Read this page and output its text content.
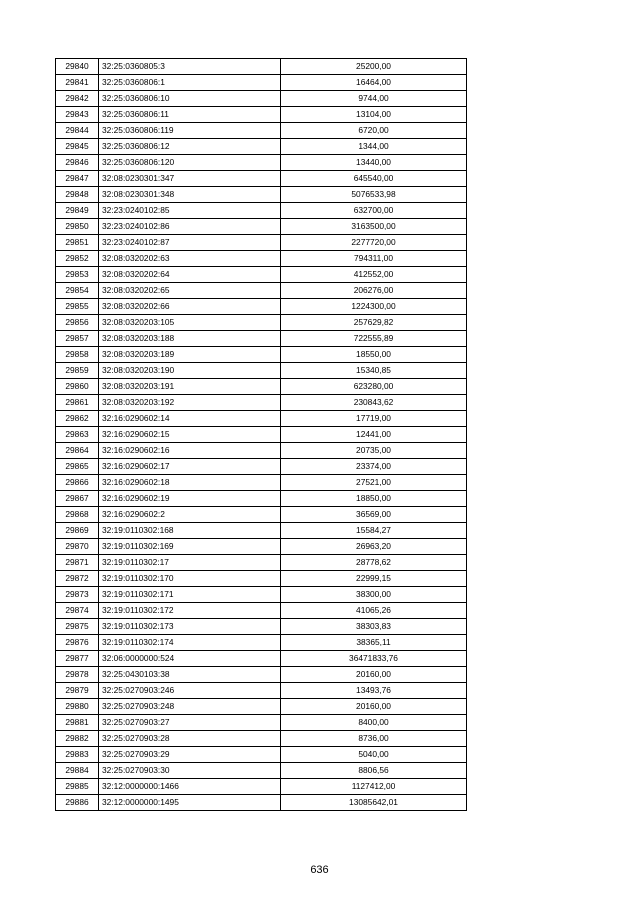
29840	32:25:0360805:3	25200,00
29841	32:25:0360806:1	16464,00
29842	32:25:0360806:10	9744,00
29843	32:25:0360806:11	13104,00
29844	32:25:0360806:119	6720,00
29845	32:25:0360806:12	1344,00
29846	32:25:0360806:120	13440,00
29847	32:08:0230301:347	645540,00
29848	32:08:0230301:348	5076533,98
29849	32:23:0240102:85	632700,00
29850	32:23:0240102:86	3163500,00
29851	32:23:0240102:87	2277720,00
29852	32:08:0320202:63	794311,00
29853	32:08:0320202:64	412552,00
29854	32:08:0320202:65	206276,00
29855	32:08:0320202:66	1224300,00
29856	32:08:0320203:105	257629,82
29857	32:08:0320203:188	722555,89
29858	32:08:0320203:189	18550,00
29859	32:08:0320203:190	15340,85
29860	32:08:0320203:191	623280,00
29861	32:08:0320203:192	230843,62
29862	32:16:0290602:14	17719,00
29863	32:16:0290602:15	12441,00
29864	32:16:0290602:16	20735,00
29865	32:16:0290602:17	23374,00
29866	32:16:0290602:18	27521,00
29867	32:16:0290602:19	18850,00
29868	32:16:0290602:2	36569,00
29869	32:19:0110302:168	15584,27
29870	32:19:0110302:169	26963,20
29871	32:19:0110302:17	28778,62
29872	32:19:0110302:170	22999,15
29873	32:19:0110302:171	38300,00
29874	32:19:0110302:172	41065,26
29875	32:19:0110302:173	38303,83
29876	32:19:0110302:174	38365,11
29877	32:06:0000000:524	36471833,76
29878	32:25:0430103:38	20160,00
29879	32:25:0270903:246	13493,76
29880	32:25:0270903:248	20160,00
29881	32:25:0270903:27	8400,00
29882	32:25:0270903:28	8736,00
29883	32:25:0270903:29	5040,00
29884	32:25:0270903:30	8806,56
29885	32:12:0000000:1466	1127412,00
29886	32:12:0000000:1495	13085642,01
636
